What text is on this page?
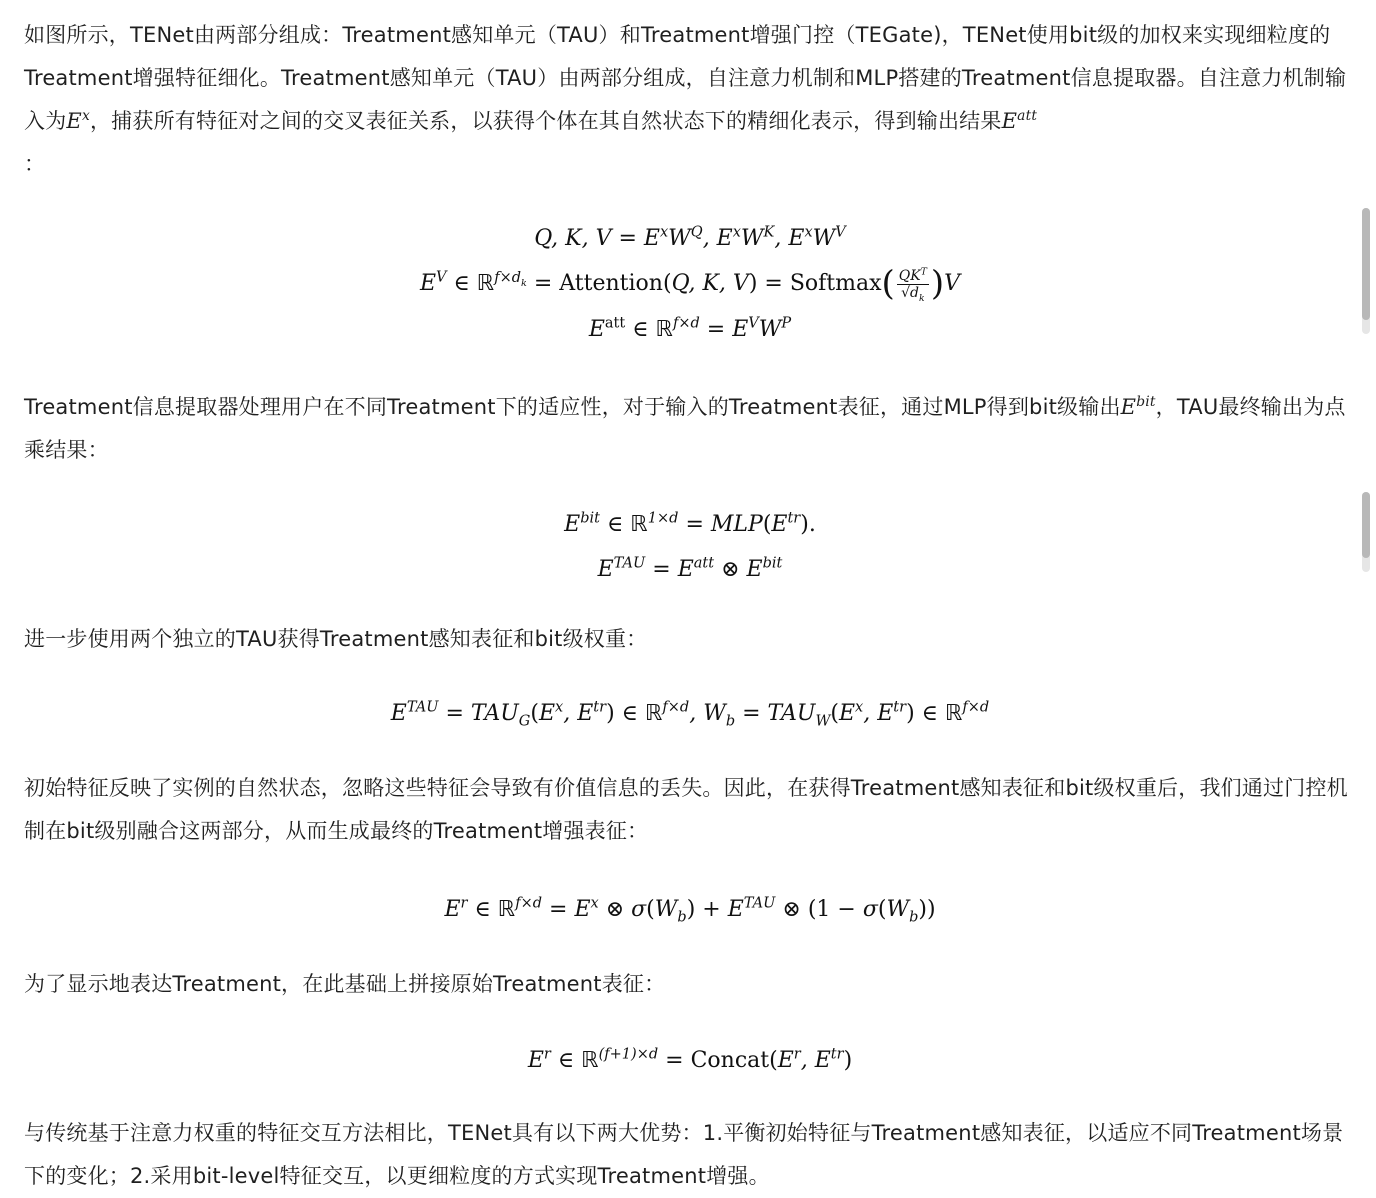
如图所示，TENet由两部分组成：Treatment感知单元（TAU）和Treatment增强门控（TEGate)，TENet使用bit级的加权来实现细粒度的Treatment增强特征细化。Treatment感知单元（TAU）由两部分组成，自注意力机制和MLP搭建的Treatment信息提取器。自注意力机制输入为$E^x$，捕获所有特征对之间的交叉表征关系，以获得个体在其自然状态下的精细化表示，得到输出结果$E^{att}$
：

Q, K, $V = E^xW^Q$, $E^xW^K$, $E^xW^V$
$E^V$ ∈ ℝ$^{f\times d_k}$ = Attention(Q, K, V) = Softmax( $\frac{QK^T}{√d_k} )V$
$E^{att}$ ∈ ℝ$^{f\times d}$ = $E^VW^P$

Treatment信息提取器处理用户在不同Treatment下的适应性，对于输入的Treatment表征，通过MLP得到bit级输出$E^{bit}$，TAU最终输出为点乘结果：

$E^{bit}$ ∈ ℝ$^{1\times d}$ = $MLP(E^{tr})$.
$E^{TAU} = E^{att}$ ⊗ $E^{bit}$

进一步使用两个独立的TAU获得Treatment感知表征和bit级权重：

$E^{TAU} = TAU_G(E^x$, $E^{tr}$) ∈ ℝ$^{f\times d}$, $W_b = TAU_W(E^x$, $E^{tr}$) ∈ ℝ$^{f\times d}$

初始特征反映了实例的自然状态，忽略这些特征会导致有价值信息的丢失。因此，在获得Treatment感知表征和bit级权重后，我们通过门控机制在bit级别融合这两部分，从而生成最终的Treatment增强表征：

$E^r$ ∈ ℝ$^{f\times d}$ = $E^x$ ⊗ $\sigma(W_b) + E^{TAU}$ ⊗ $(1 - \sigma(W_b))$

为了显示地表达Treatment，在此基础上拼接原始Treatment表征：

$E^r$ ∈ ℝ$^{(f+1)\times d}$ = $Concat(E^r$, $E^{tr}$)

与传统基于注意力权重的特征交互方法相比，TENet具有以下两大优势：1.平衡初始特征与Treatment感知表征，以适应不同Treatment场景下的变化；2.采用bit-level特征交互，以更细粒度的方式实现Treatment增强。
